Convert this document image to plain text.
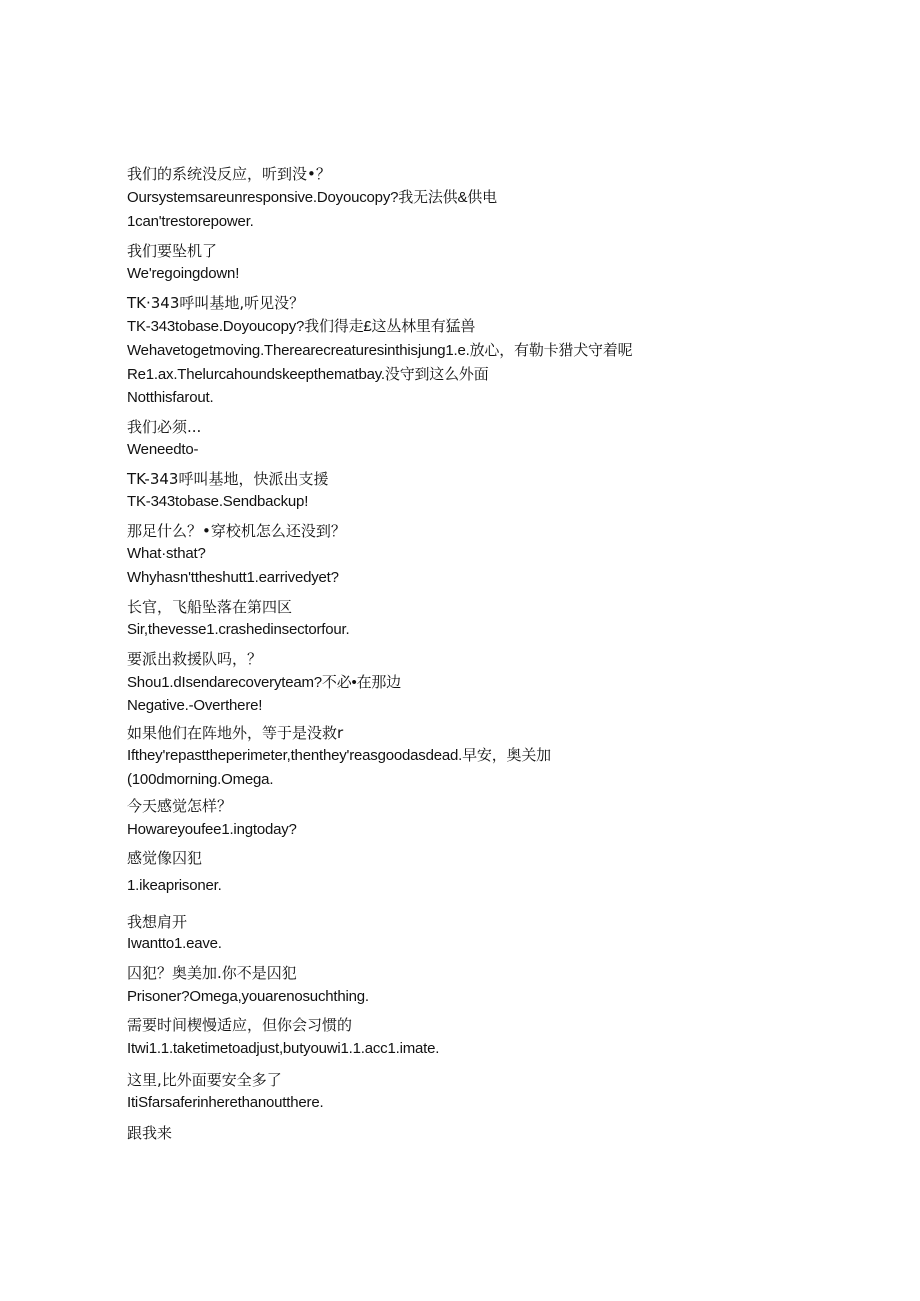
我们的系统没反应，听到没•？
Oursystemsareunresponsive.Doyoucopy?我无法供&供电
1can'trestorepower.
我们要坠机了
We'regoingdown!
TK·343呼叫基地,听见没？
TK-343tobase.Doyoucopy?我们得走£这丛林里有猛兽
Wehavetogetmoving.Therearecreaturesinthisjung1.e.放心，有勒卡猎犬守着呢
Re1.ax.Thelurcahoundskeepthematbay.没守到这么外面
Notthisfarout.
我们必须...
Weneedto-
TK-343呼叫基地，快派出支援
TK-343tobase.Sendbackup!
那足什么？•穿校机怎么还没到？
What·sthat?
Whyhasn'ttheshutt1.earrivedyet?
长官，飞船坠落在第四区
Sir,thevesse1.crashedinsectorfour.
要派出救援队吗，？
Shou1.dIsendarecoveryteam?不必•在那边
Negative.-Overthere!
如果他们在阵地外，等于是没救r
Ifthey'repasttheperimeter,thenthey'reasgoodasdead.早安，奥关加
(100dmorning.Omega.
今天感觉怎样？
Howareyoufee1.ingtoday?
感觉像囚犯
1.ikeaprisoner.
我想肩开
Iwantto1.eave.
囚犯？奥美加.你不是囚犯
Prisoner?Omega,youarenosuchthing.
需要时间楔慢适应，但你会习惯的
Itwi1.1.taketimetoadjust,butyouwi1.1.acc1.imate.
这里,比外面要安全多了
ItiSfarsaferinherethanoutthere.
跟我来
